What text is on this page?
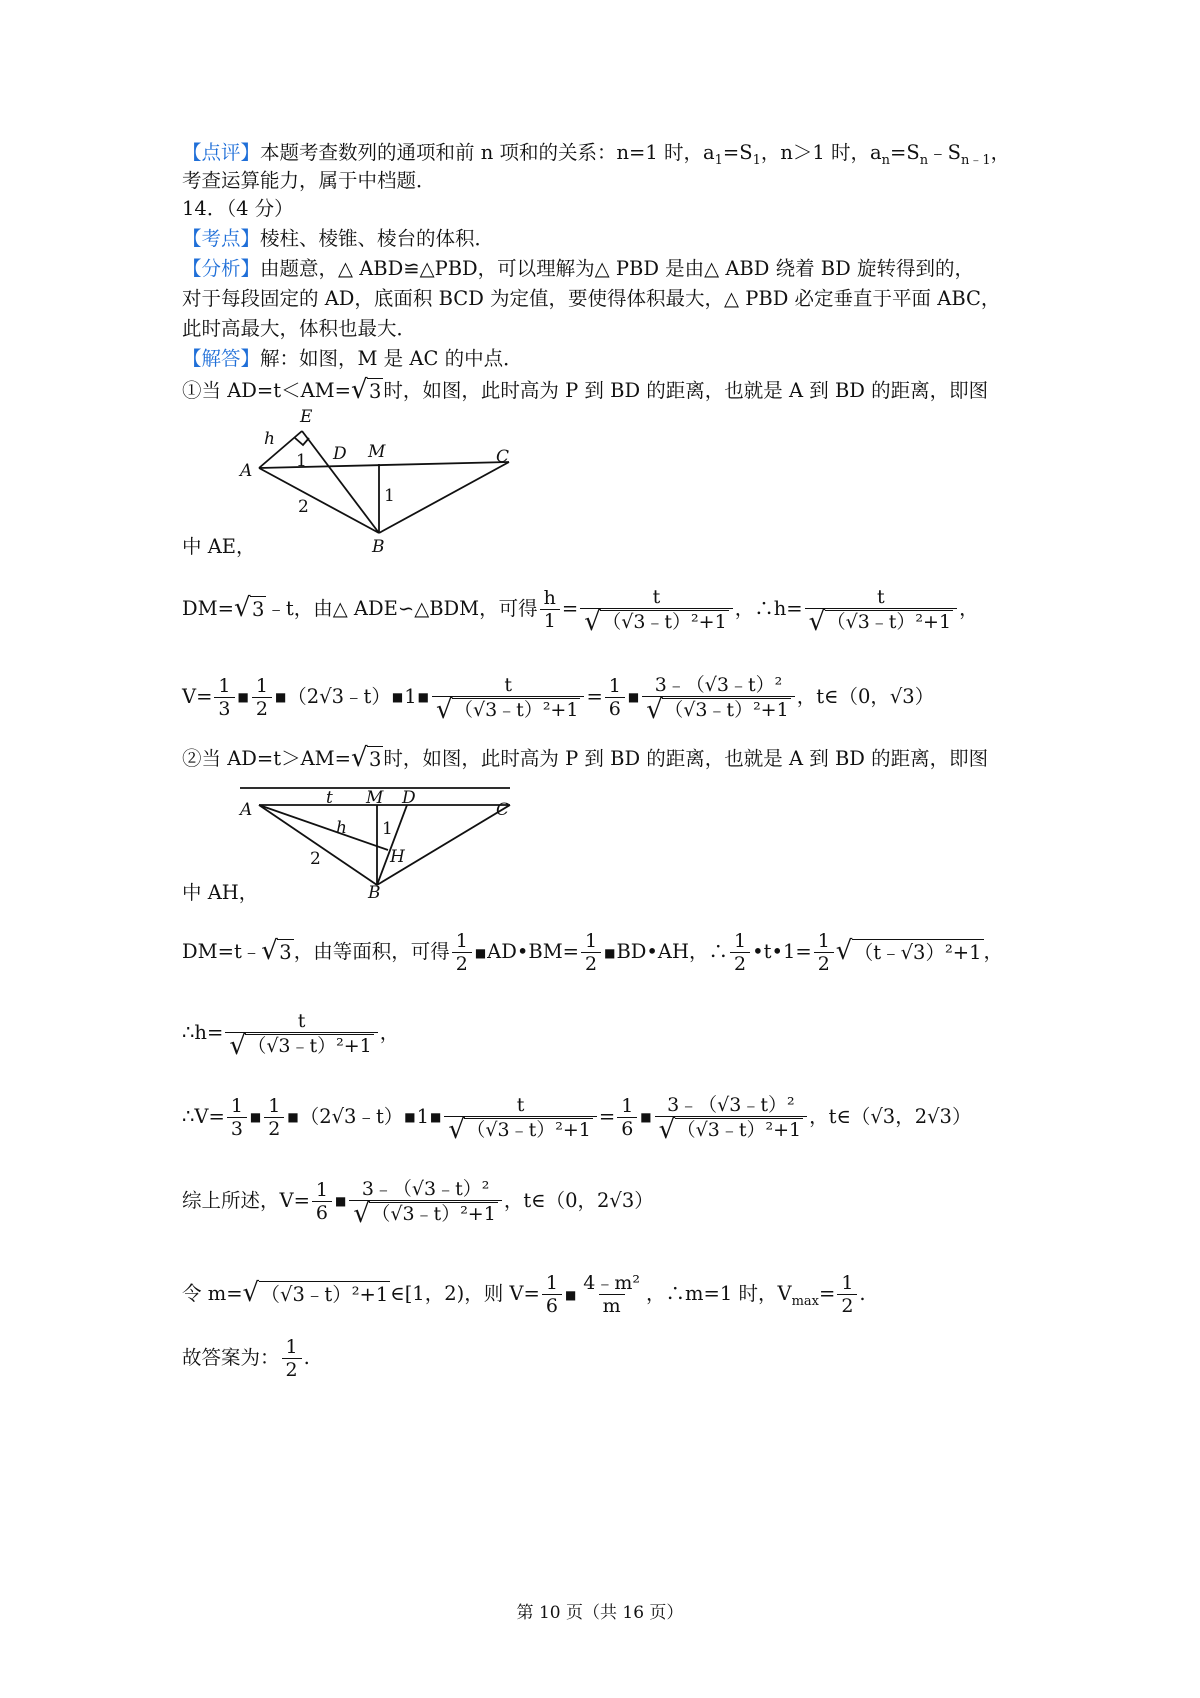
【点评】本题考查数列的通项和前 n 项和的关系：n=1 时，$a_1=S_1$，n＞1 时，$a_n=S_n﹣S_{n﹣1}$，
考查运算能力，属于中档题．
14．（4 分）
【考点】棱柱、棱锥、棱台的体积．
【分析】由题意，△ ABD≌△PBD，可以理解为△ PBD 是由△ ABD 绕着 BD 旋转得到的，
对于每段固定的 AD，底面积 BCD 为定值，要使得体积最大，△ PBD 必定垂直于平面 ABC，
此时高最大，体积也最大．
【解答】解：如图，M 是 AC 的中点．
①当 AD=t＜AM= √ 3 时，如图，此时高为 P 到 BD 的距离，也就是 A 到 BD 的距离，即图
E
h
A	1 D M	C
1
2
B
中 AE，
DM= √ 3 ﹣t，由△ ADE∽△BDM，可得 $\frac{h}{1} = \frac{t}{\text{√ （√3﹣t）²+1}}$ ，∴h= $\frac{t}{\text{√ （√3﹣t）²+1}}$ ，
$V= \frac{1}{3}$ ■ $\frac{1}{2}$ ■（2√3﹣t）■1■ $\frac{t}{\text{√ （√3﹣t）²+1}} = \frac{1}{6}$ ■ $\frac{\text{3﹣（√3﹣t）²}}{\text{√ （√3﹣t）²+1}}$ ，t∈（0，√3）
②当 AD=t＞AM= √ 3 时，如图，此时高为 P 到 BD 的距离，也就是 A 到 BD 的距离，即图
A
t M D
C
h 1
H
2
B
中 AH，
DM=t﹣ √ 3 ，由等面积，可得 $\frac{1}{2}$ ■AD•BM= $\frac{1}{2}$ ■BD•AH，∴ $\frac{1}{2}$ •t•1= $\frac{1}{2}$ √ （t﹣√3）²+1 ，
∴h= $\frac{t}{\text{√ （√3﹣t）²+1}}$ ，
∴V= $\frac{1}{3}$ ■ $\frac{1}{2}$ ■（2√3﹣t）■1■ $\frac{t}{\text{√ （√3﹣t）²+1}} = \frac{1}{6}$ ■ $\frac{\text{3﹣（√3﹣t）²}}{\text{√ （√3﹣t）²+1}}$ ，t∈（√3，2√3）
综上所述，$V= \frac{1}{6}$ ■ $\frac{\text{3﹣（√3﹣t）²}}{\text{√ （√3﹣t）²+1}}$ ，t∈（0，2√3）
令 m= √ （√3﹣t）²+1 ∈[1，2)，则 $V= \frac{1}{6}$ ■ $\frac{\text{4﹣m²}}{m}$ ，∴m=1 时，$V_{max}= \frac{1}{2}$ .
故答案为： $\frac{1}{2}$ .
第 10 页（共 16 页）
